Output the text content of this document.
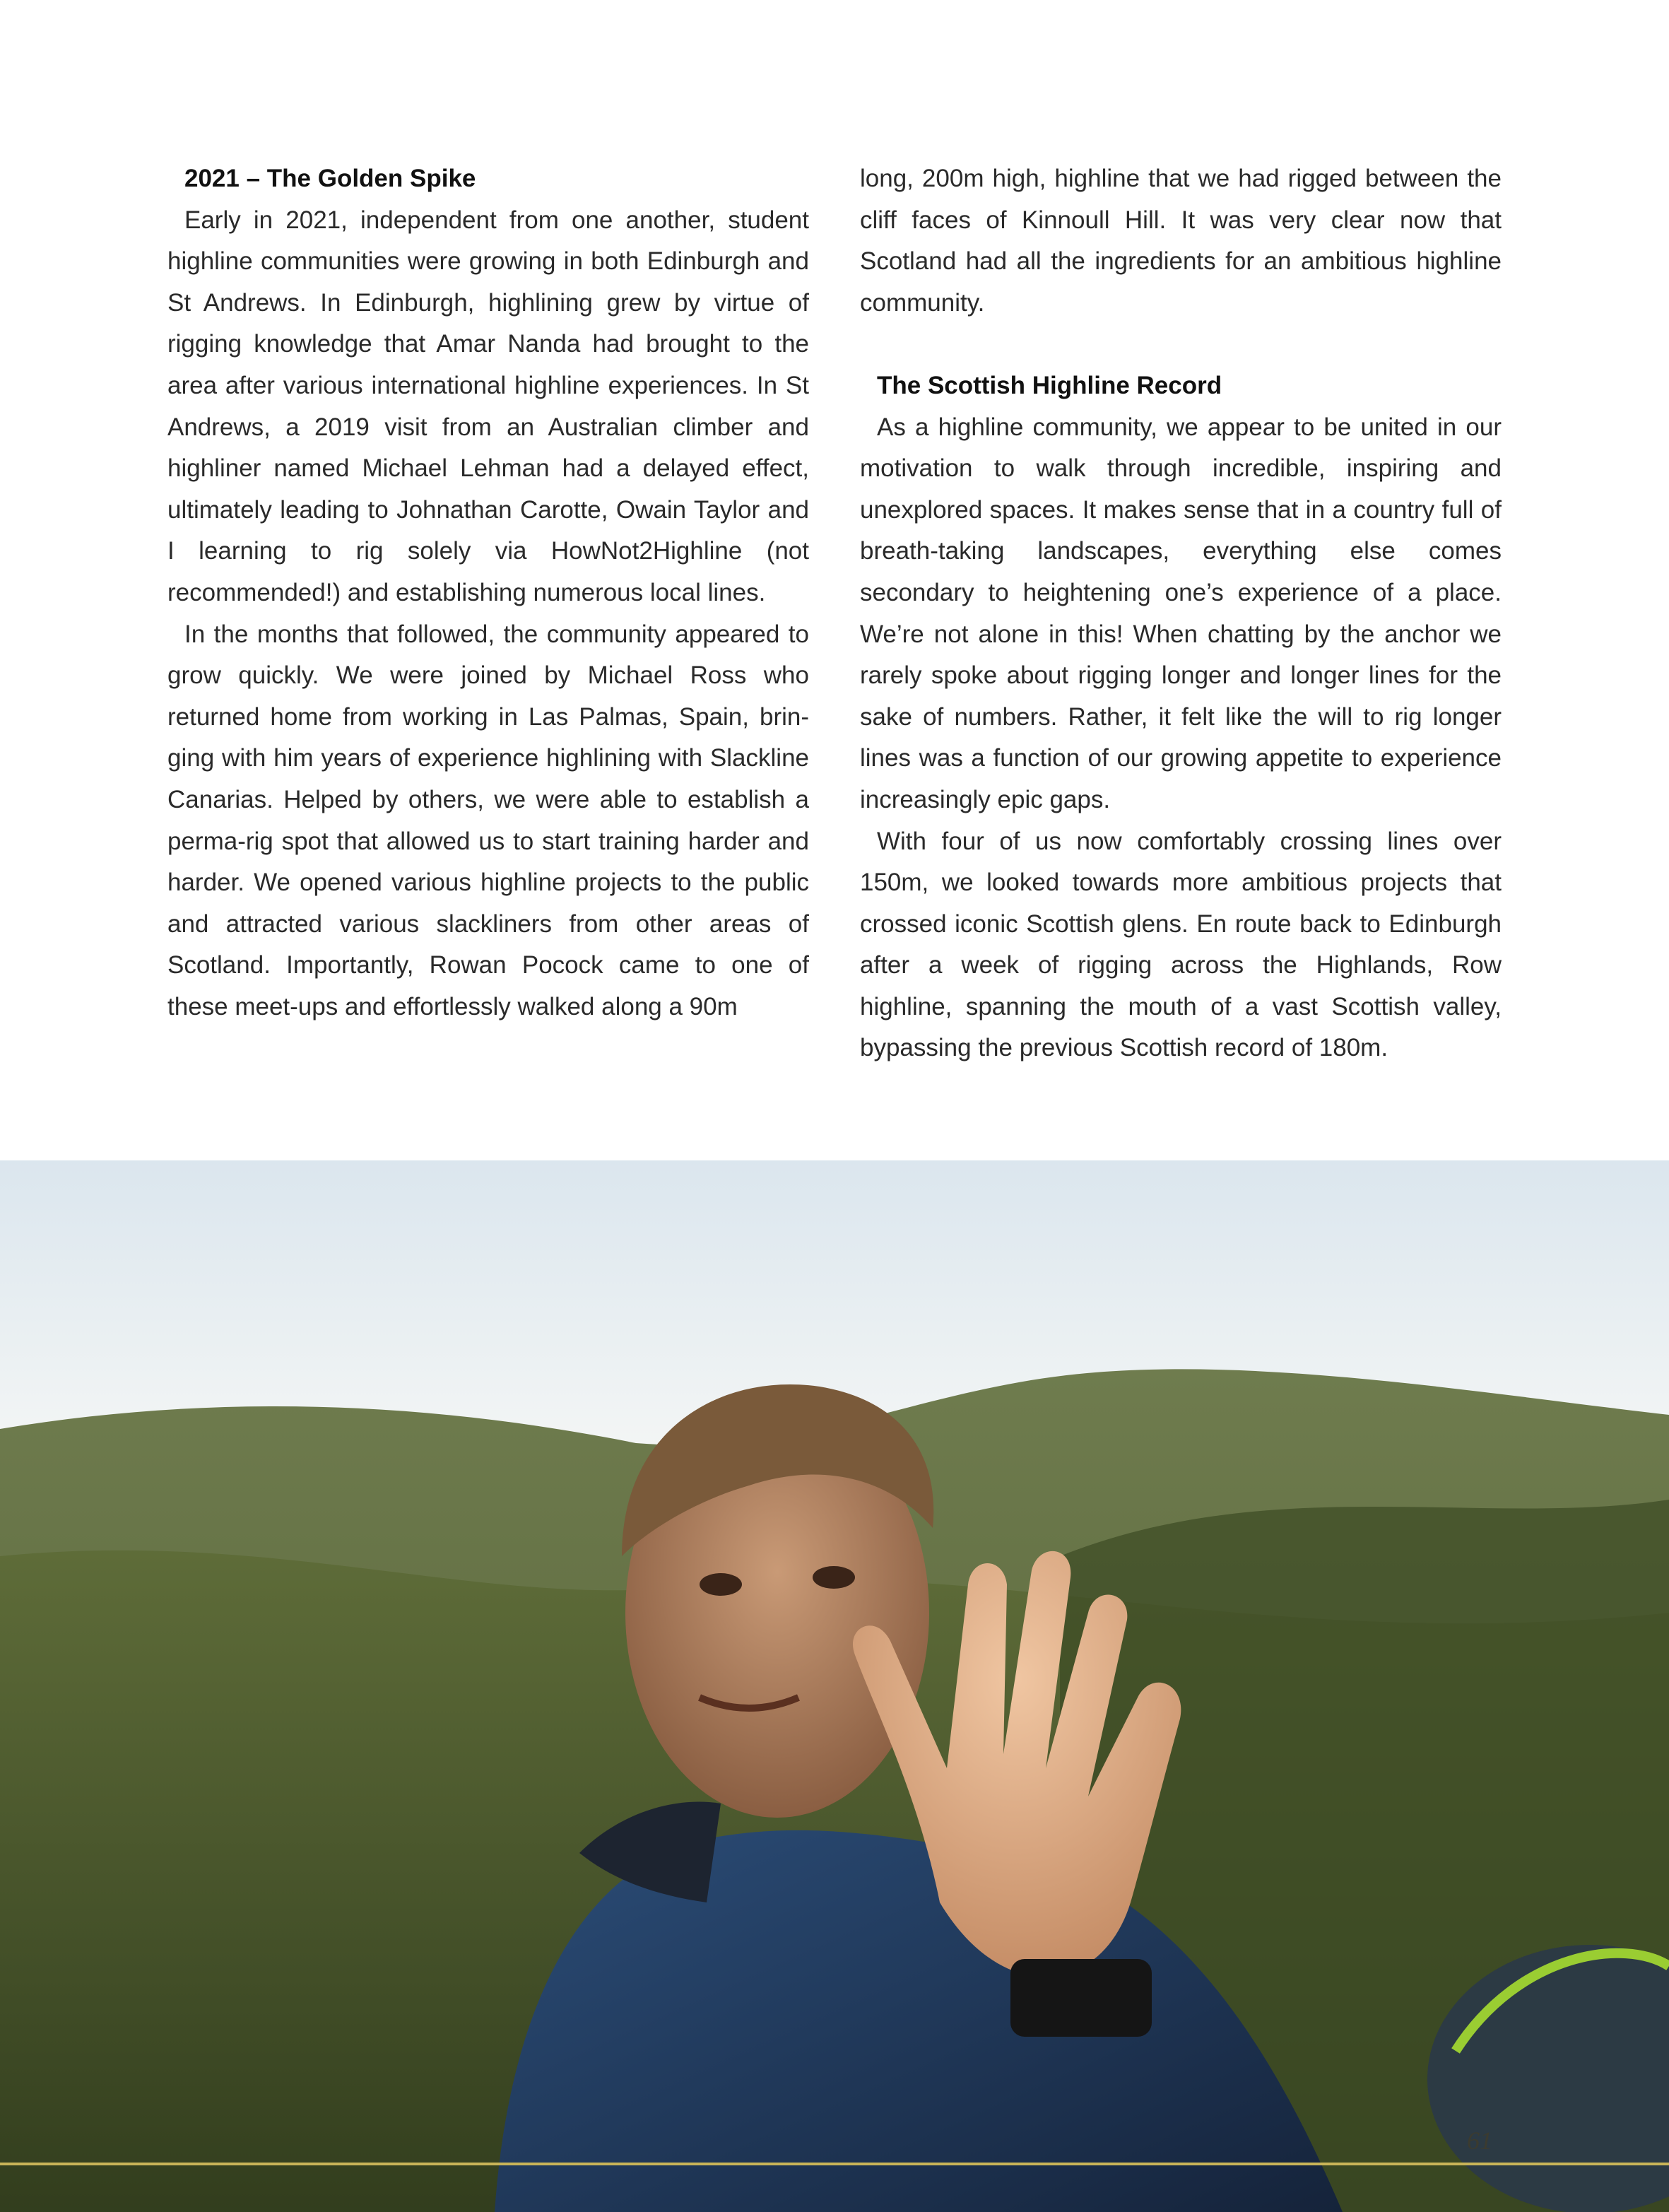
2021 – The Golden Spike

Early in 2021, independent from one another, student highline communities were growing in both Edinburgh and St Andrews. In Edinburgh, highlining grew by virtue of rigging knowledge that Amar Nanda had brought to the area after various international highline experiences. In St Andrews, a 2019 visit from an Australian climber and highliner named Michael Lehman had a delayed effect, ultimately leading to Johnathan Carotte, Owain Taylor and I learning to rig solely via HowNot2Highline (not recommended!) and establishing numerous local lines.

In the months that followed, the community appeared to grow quickly. We were joined by Michael Ross who returned home from working in Las Palmas, Spain, bringing with him years of experience highlining with Slackline Canarias. Helped by others, we were able to establish a perma-rig spot that allowed us to start training harder and harder. We opened various highline projects to the public and attracted various slackliners from other areas of Scotland. Importantly, Rowan Pocock came to one of these meet-ups and effortlessly walked along a 90m

long, 200m high, highline that we had rigged between the cliff faces of Kinnoull Hill. It was very clear now that Scotland had all the ingredients for an ambitious highline community.

The Scottish Highline Record

As a highline community, we appear to be united in our motivation to walk through incredible, inspiring and unexplored spaces. It makes sense that in a country full of breath-taking landscapes, everything else comes secondary to heightening one’s experience of a place. We’re not alone in this! When chatting by the anchor we rarely spoke about rigging longer and longer lines for the sake of numbers. Rather, it felt like the will to rig longer lines was a function of our growing appetite to experience increasingly epic gaps.

With four of us now comfortably crossing lines over 150m, we looked towards more ambitious projects that crossed iconic Scottish glens. En route back to Edinburgh after a week of rigging across the Highlands, Row highline, spanning the mouth of a vast Scottish valley, bypassing the previous Scottish record of 180m.

61
